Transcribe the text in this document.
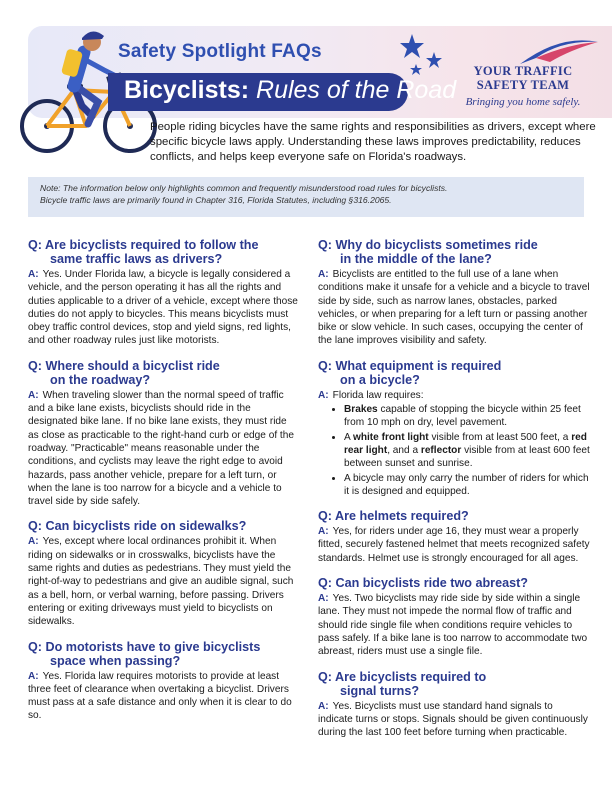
Safety Spotlight FAQs
Bicyclists: Rules of the Road
YOUR TRAFFIC
SAFETY TEAM
Bringing you home safely.
People riding bicycles have the same rights and responsibilities as drivers, except where specific bicycle laws apply. Understanding these laws improves predictability, reduces conflicts, and helps keep everyone safe on Florida's roadways.
Note: The information below only highlights common and frequently misunderstood road rules for bicyclists.
Bicycle traffic laws are primarily found in Chapter 316, Florida Statutes, including §316.2065.
Q: Are bicyclists required to follow the
same traffic laws as drivers?
A: Yes. Under Florida law, a bicycle is legally considered a vehicle, and the person operating it has all the rights and duties applicable to a driver of a vehicle, except where those duties do not apply to bicycles. This means bicyclists must obey traffic control devices, stop and yield signs, red lights, and other roadway rules just like motorists.
Q: Where should a bicyclist ride
on the roadway?
A: When traveling slower than the normal speed of traffic and a bike lane exists, bicyclists should ride in the designated bike lane. If no bike lane exists, they must ride as close as practicable to the right-hand curb or edge of the roadway. "Practicable" means reasonable under the conditions, and cyclists may leave the right edge to avoid hazards, pass another vehicle, prepare for a left turn, or when the lane is too narrow for a bicycle and a vehicle to travel side by side safely.
Q: Can bicyclists ride on sidewalks?
A: Yes, except where local ordinances prohibit it. When riding on sidewalks or in crosswalks, bicyclists have the same rights and duties as pedestrians. They must yield the right-of-way to pedestrians and give an audible signal, such as a bell, horn, or verbal warning, before passing. Drivers entering or exiting driveways must yield to bicyclists on sidewalks.
Q: Do motorists have to give bicyclists
space when passing?
A: Yes. Florida law requires motorists to provide at least three feet of clearance when overtaking a bicyclist. Drivers must pass at a safe distance and only when it is clear to do so.
Q: Why do bicyclists sometimes ride
in the middle of the lane?
A: Bicyclists are entitled to the full use of a lane when conditions make it unsafe for a vehicle and a bicycle to travel side by side, such as narrow lanes, obstacles, parked vehicles, or when preparing for a left turn or passing another bike or slow vehicle. In such cases, occupying the center of the lane improves visibility and safety.
Q: What equipment is required
on a bicycle?
A: Florida law requires:
• Brakes capable of stopping the bicycle within 25 feet from 10 mph on dry, level pavement.
• A white front light visible from at least 500 feet, a red rear light, and a reflector visible from at least 600 feet between sunset and sunrise.
• A bicycle may only carry the number of riders for which it is designed and equipped.
Q: Are helmets required?
A: Yes, for riders under age 16, they must wear a properly fitted, securely fastened helmet that meets recognized safety standards. Helmet use is strongly encouraged for all ages.
Q: Can bicyclists ride two abreast?
A: Yes. Two bicyclists may ride side by side within a single lane. They must not impede the normal flow of traffic and should ride single file when conditions require vehicles to pass safely. If a bike lane is too narrow to accommodate two abreast, riders must use a single file.
Q: Are bicyclists required to
signal turns?
A: Yes. Bicyclists must use standard hand signals to indicate turns or stops. Signals should be given continuously during the last 100 feet before turning when practicable.
